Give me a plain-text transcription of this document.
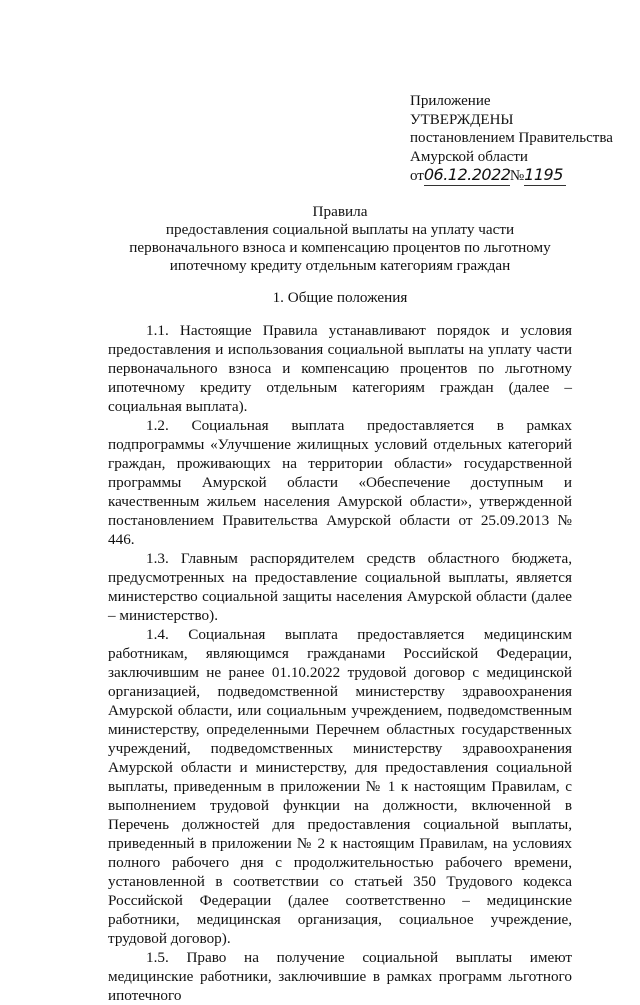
Приложение
УТВЕРЖДЕНЫ
постановлением Правительства
Амурской области
от06.12.2022№1195
Правила
предоставления социальной выплаты на уплату части первоначального взноса и компенсацию процентов по льготному ипотечному кредиту отдельным категориям граждан
1. Общие положения

1.1. Настоящие Правила устанавливают порядок и условия предоставления и использования социальной выплаты на уплату части первоначального взноса и компенсацию процентов по льготному ипотечному кредиту отдельным категориям граждан (далее – социальная выплата).

1.2. Социальная выплата предоставляется в рамках подпрограммы «Улучшение жилищных условий отдельных категорий граждан, проживающих на территории области» государственной программы Амурской области «Обеспечение доступным и качественным жильем населения Амурской области», утвержденной постановлением Правительства Амурской области от 25.09.2013 № 446.

1.3. Главным распорядителем средств областного бюджета, предусмотренных на предоставление социальной выплаты, является министерство социальной защиты населения Амурской области (далее – министерство).

1.4. Социальная выплата предоставляется медицинским работникам, являющимся гражданами Российской Федерации, заключившим не ранее 01.10.2022 трудовой договор с медицинской организацией, подведомственной министерству здравоохранения Амурской области, или социальным учреждением, подведомственным министерству, определенными Перечнем областных государственных учреждений, подведомственных министерству здравоохранения Амурской области и министерству, для предоставления социальной выплаты, приведенным в приложении № 1 к настоящим Правилам, с выполнением трудовой функции на должности, включенной в Перечень должностей для предоставления социальной выплаты, приведенный в приложении № 2 к настоящим Правилам, на условиях полного рабочего дня с продолжительностью рабочего времени, установленной в соответствии со статьей 350 Трудового кодекса Российской Федерации (далее соответственно – медицинские работники, медицинская организация, социальное учреждение, трудовой договор).

1.5. Право на получение социальной выплаты имеют медицинские работники, заключившие в рамках программ льготного ипотечного
